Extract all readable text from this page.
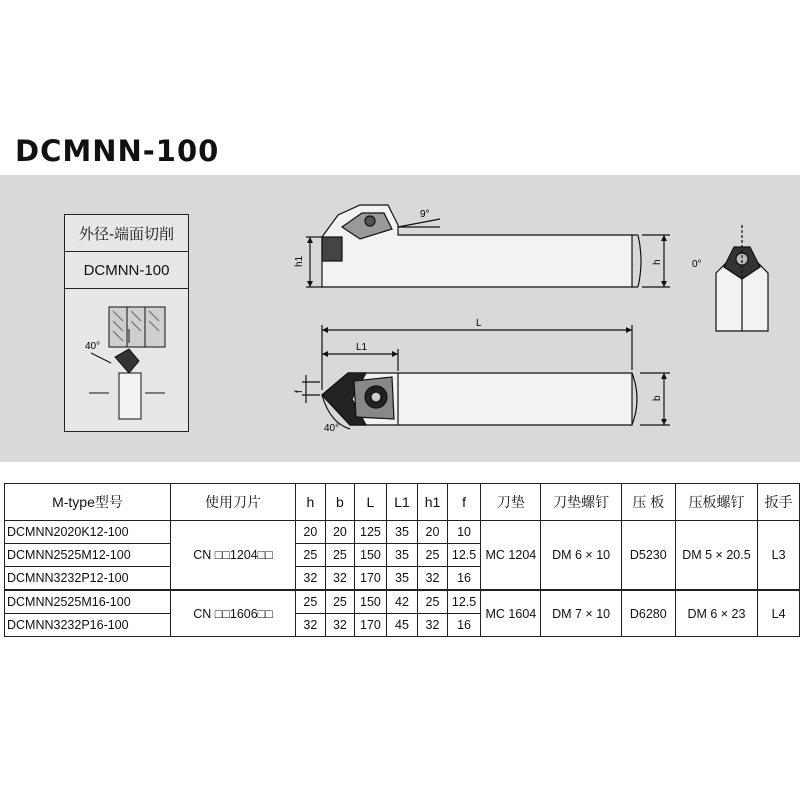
DCMNN-100
h1	h
9°
0°
L
L1
f
b
40°
外径-端面切削
DCMNN-100
40°
M-type型号	使用刀片	h	b	L	L1	h1	f	刀垫	刀垫螺钉	压 板	压板螺钉	扳手
DCMNN2020K12-100	CN □□1204□□	20	20	125	35	20	10	MC 1204	DM 6 × 10	D5230	DM 5 × 20.5	L3
DCMNN2525M12-100		25	25	150	35	25	12.5					
DCMNN3232P12-100		32	32	170	35	32	16					
DCMNN2525M16-100	CN □□1606□□	25	25	150	42	25	12.5	MC 1604	DM 7 × 10	D6280	DM 6 × 23	L4
DCMNN3232P16-100		32	32	170	45	32	16					
